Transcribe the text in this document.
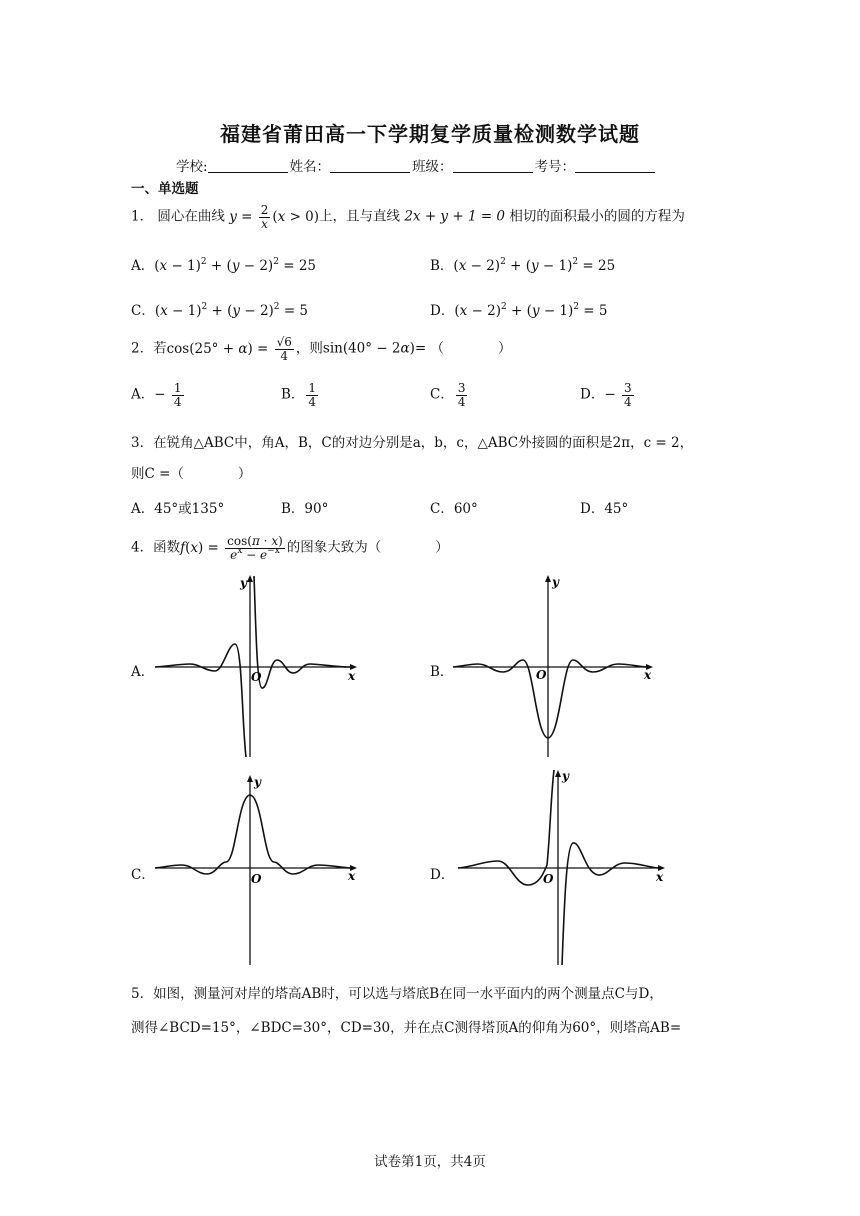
福建省莆田高一下学期复学质量检测数学试题
学校:	姓名：	班级：	考号：
一、单选题
1． 圆心在曲线 $y = \frac{2}{x} (x > 0)$上，且与直线 2x + y + 1 = 0 相切的面积最小的圆的方程为
A．$(x - 1)^2 + (y - 2)^2 = 25$	B．$(x - 2)^2 + (y - 1)^2 = 25$
C．$(x - 1)^2 + (y - 2)^2 = 5$	D．$(x - 2)^2 + (y - 1)^2 = 5$
2．若$\cos(25^\circ + \alpha) = \frac{√6}{4}$ ，则sin(40° − 2α)= （　　　　）
A．− $\frac{1}{4}$	B． $\frac{1}{4}$	C． $\frac{3}{4}$	D．− $\frac{3}{4}$
3．在锐角△ABC中，角A，B，C的对边分别是a，b，c，△ABC外接圆的面积是2π，c = 2，
则C =（　　　　）
A．45°或135°	B．90°	C．60°	D．45°
4．函数$f(x) = \frac{\cos(\pi \cdot x)}{e^x - e^{-x}}$ 的图象大致为（　　　　）
A．	B．
C．	D．
y
x
O
y
x
O
y
x
O
y
x
O
5．如图，测量河对岸的塔高AB时，可以选与塔底B在同一水平面内的两个测量点C与D，
测得∠BCD=15°，∠BDC=30°，CD=30，并在点C测得塔顶A的仰角为60°，则塔高AB=
试卷第1页，共4页
